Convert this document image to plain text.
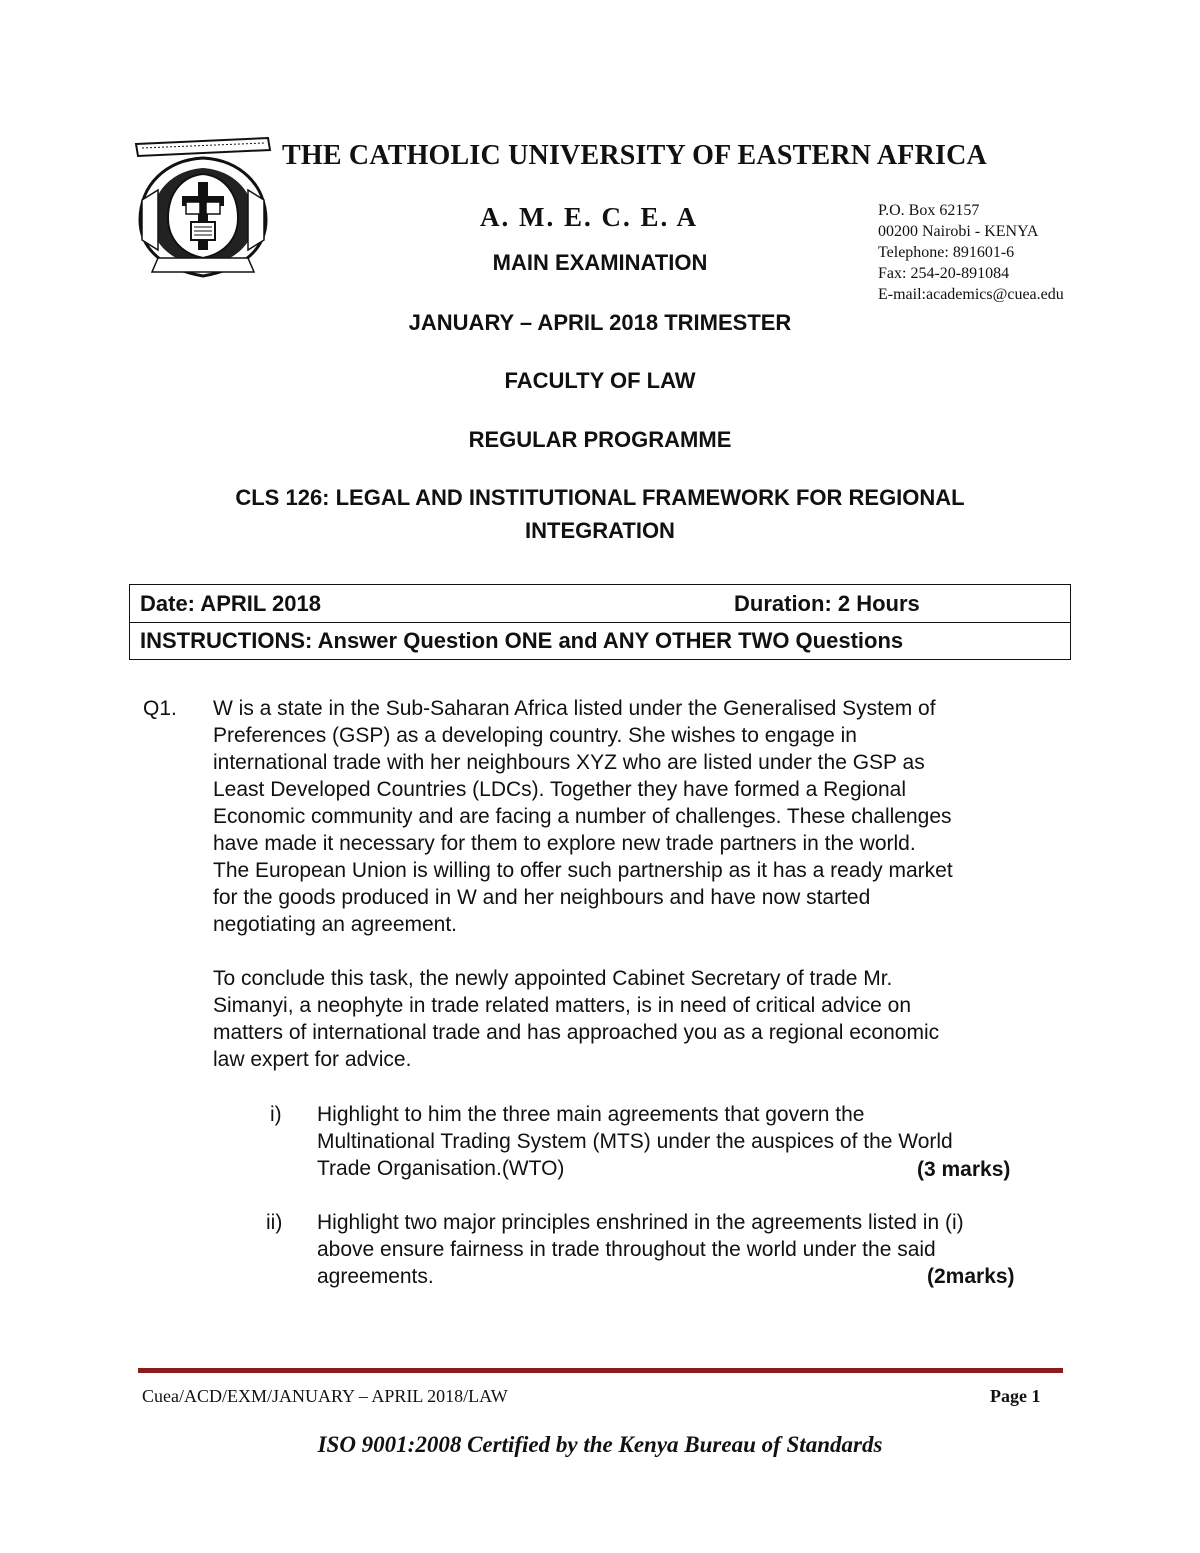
THE CATHOLIC UNIVERSITY OF EASTERN AFRICA
A. M. E. C. E. A	P.O. Box 62157
00200 Nairobi - KENYA
Telephone: 891601-6
Fax: 254-20-891084
E-mail:academics@cuea.edu
MAIN EXAMINATION
JANUARY – APRIL 2018 TRIMESTER
FACULTY OF LAW
REGULAR PROGRAMME
CLS 126: LEGAL AND INSTITUTIONAL FRAMEWORK FOR REGIONAL
INTEGRATION
Date: APRIL 2018	Duration: 2 Hours
INSTRUCTIONS: Answer Question ONE and ANY OTHER TWO Questions
Q1. W is a state in the Sub-Saharan Africa listed under the Generalised System of
Preferences (GSP) as a developing country. She wishes to engage in
international trade with her neighbours XYZ who are listed under the GSP as
Least Developed Countries (LDCs). Together they have formed a Regional
Economic community and are facing a number of challenges. These challenges
have made it necessary for them to explore new trade partners in the world.
The European Union is willing to offer such partnership as it has a ready market
for the goods produced in W and her neighbours and have now started
negotiating an agreement.
To conclude this task, the newly appointed Cabinet Secretary of trade Mr.
Simanyi, a neophyte in trade related matters, is in need of critical advice on
matters of international trade and has approached you as a regional economic
law expert for advice.
i) Highlight to him the three main agreements that govern the
Multinational Trading System (MTS) under the auspices of the World
Trade Organisation.(WTO)	(3 marks)
ii) Highlight two major principles enshrined in the agreements listed in (i)
above ensure fairness in trade throughout the world under the said
agreements.	(2marks)
Cuea/ACD/EXM/JANUARY – APRIL 2018/LAW	Page 1
ISO 9001:2008 Certified by the Kenya Bureau of Standards
